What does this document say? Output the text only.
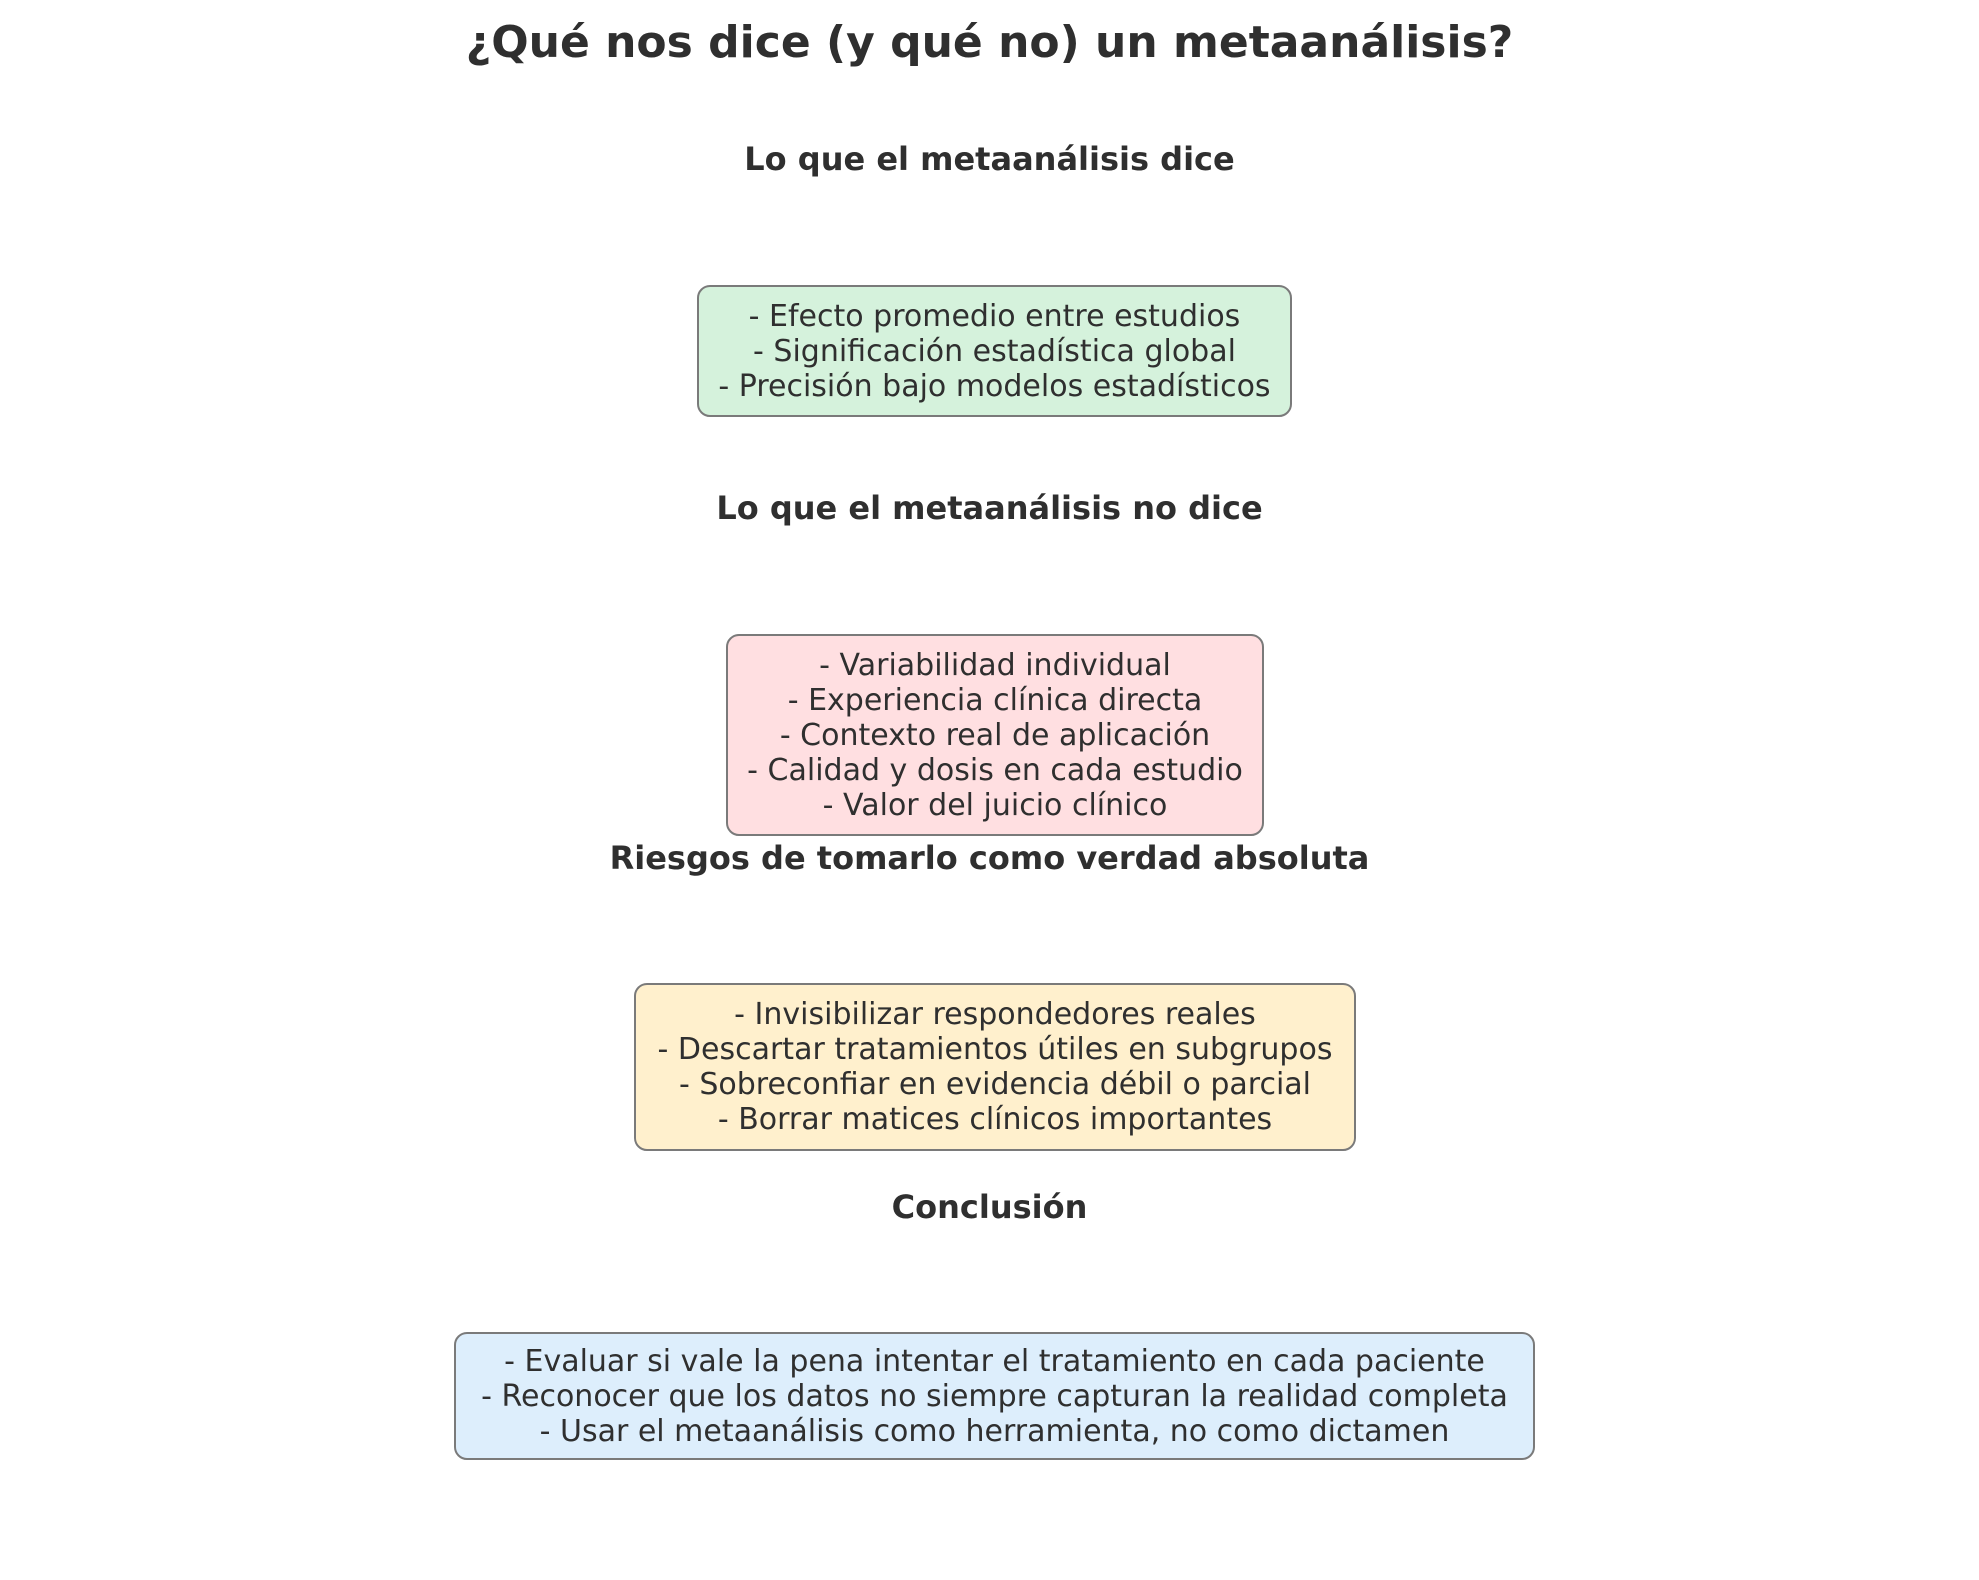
¿Qué nos dice (y qué no) un metaanálisis?
Lo que el metaanálisis dice
- Efecto promedio entre estudios
- Significación estadística global
- Precisión bajo modelos estadísticos
Lo que el metaanálisis no dice
- Variabilidad individual
- Experiencia clínica directa
- Contexto real de aplicación
- Calidad y dosis en cada estudio
- Valor del juicio clínico
Riesgos de tomarlo como verdad absoluta
- Invisibilizar respondedores reales
- Descartar tratamientos útiles en subgrupos
- Sobreconfiar en evidencia débil o parcial
- Borrar matices clínicos importantes
Conclusión
- Evaluar si vale la pena intentar el tratamiento en cada paciente
- Reconocer que los datos no siempre capturan la realidad completa
- Usar el metaanálisis como herramienta, no como dictamen
